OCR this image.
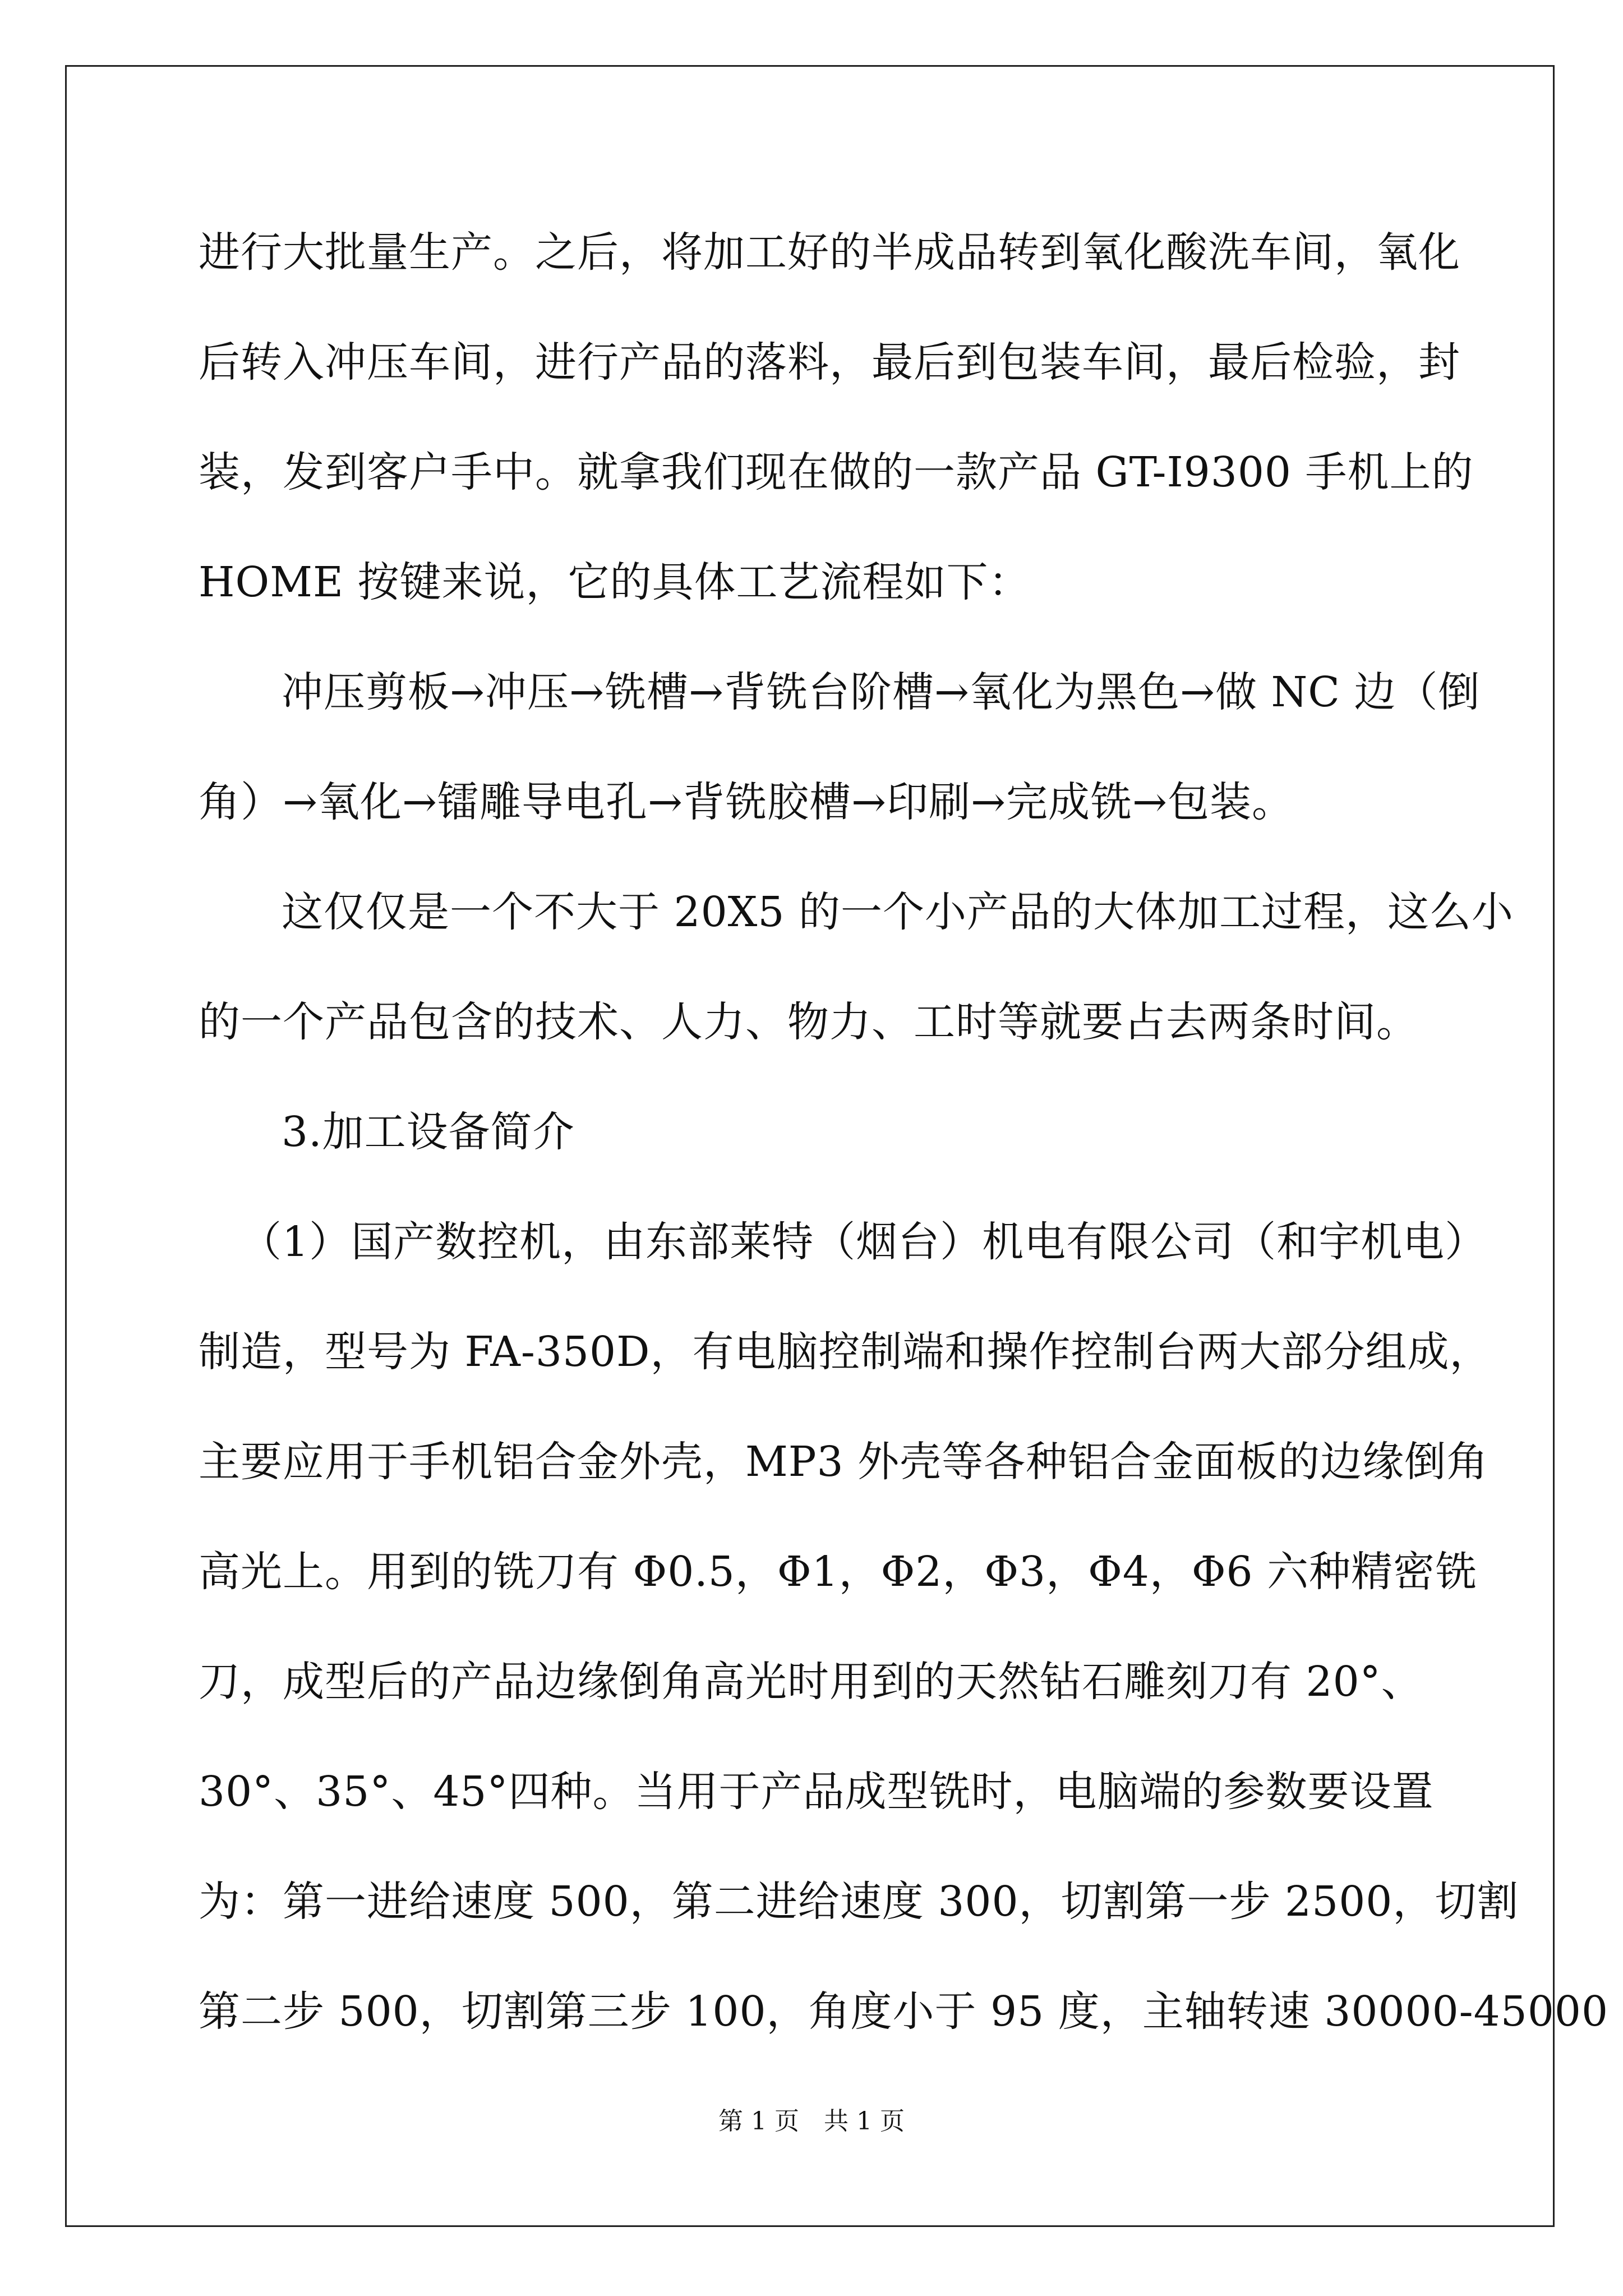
进行大批量生产。之后，将加工好的半成品转到氧化酸洗车间，氧化
后转入冲压车间，进行产品的落料，最后到包装车间，最后检验，封
装，发到客户手中。就拿我们现在做的一款产品 GT-I9300 手机上的
HOME 按键来说，它的具体工艺流程如下：
冲压剪板→冲压→铣槽→背铣台阶槽→氧化为黑色→做 NC 边（倒
角）→氧化→镭雕导电孔→背铣胶槽→印刷→完成铣→包装。
这仅仅是一个不大于 20X5 的一个小产品的大体加工过程，这么小
的一个产品包含的技术、人力、物力、工时等就要占去两条时间。
3.加工设备简介
（1）国产数控机，由东部莱特（烟台）机电有限公司（和宇机电）
制造，型号为 FA-350D，有电脑控制端和操作控制台两大部分组成，
主要应用于手机铝合金外壳，MP3 外壳等各种铝合金面板的边缘倒角
高光上。用到的铣刀有 Φ0.5，Φ1，Φ2，Φ3，Φ4，Φ6 六种精密铣
刀，成型后的产品边缘倒角高光时用到的天然钻石雕刻刀有 20°、
30°、35°、45°四种。当用于产品成型铣时，电脑端的参数要设置
为：第一进给速度 500，第二进给速度 300，切割第一步 2500，切割
第二步 500，切割第三步 100，角度小于 95 度，主轴转速 30000-45000
第 1 页　共 1 页
